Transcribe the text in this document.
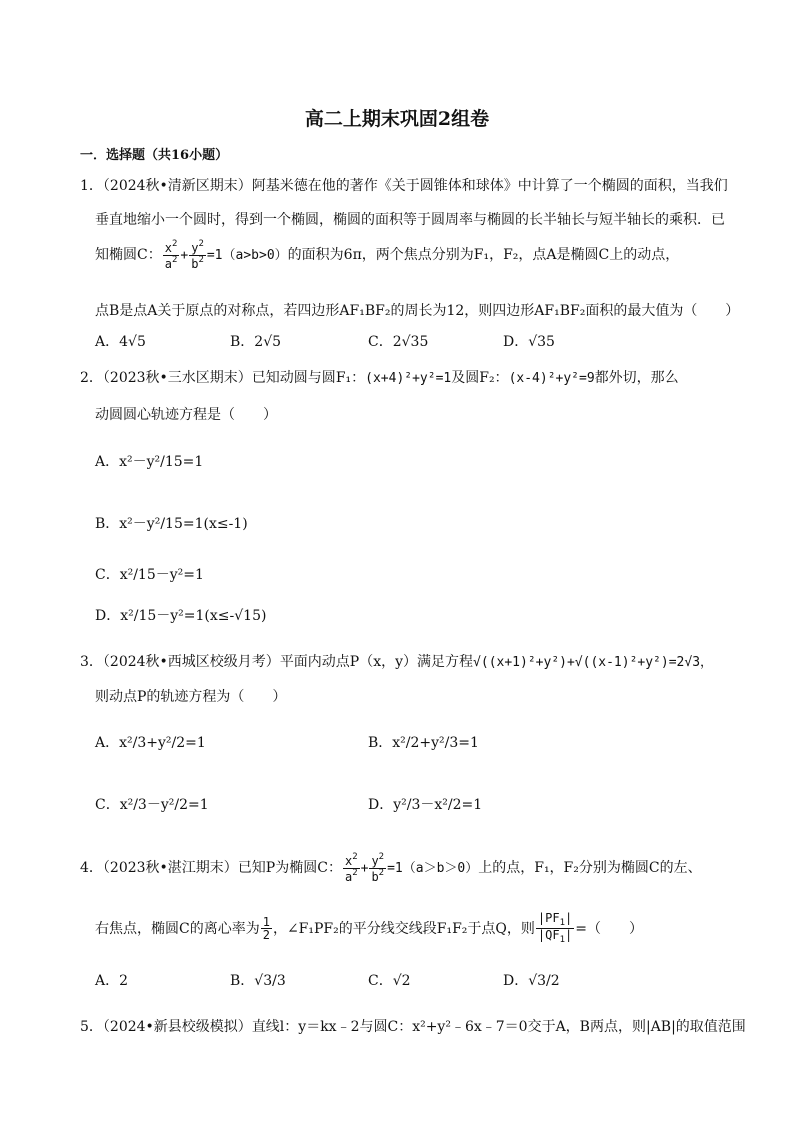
高二上期末巩固2组卷
一．选择题（共16小题）
1．（2024秋•清新区期末）阿基米德在他的著作《关于圆锥体和球体》中计算了一个椭圆的面积，当我们
垂直地缩小一个圆时，得到一个椭圆，椭圆的面积等于圆周率与椭圆的长半轴长与短半轴长的乘积．已
知椭圆C： $\frac{x^2}{a^2} + \frac{y^2}{b^2} =1(a>b>0)$的面积为6π，两个焦点分别为F₁，F₂，点A是椭圆C上的动点，
点B是点A关于原点的对称点，若四边形AF₁BF₂的周长为12，则四边形AF₁BF₂面积的最大值为（　　）
A．4√5	B．2√5	C．2√35	D．√35
2．（2023秋•三水区期末）已知动圆与圆F₁：(x+4)²+y²=1及圆F₂：(x-4)²+y²=9都外切，那么
动圆圆心轨迹方程是（　　）
A．x²－y²/15=1
B．x²－y²/15=1(x≤-1)
C．x²/15－y²=1
D．x²/15－y²=1(x≤-√15)
3．（2024秋•西城区校级月考）平面内动点P（x，y）满足方程√((x+1)²+y²)+√((x-1)²+y²)=2√3，
则动点P的轨迹方程为（　　）
A．x²/3+y²/2=1	B．x²/2+y²/3=1
C．x²/3－y²/2=1	D．y²/3－x²/2=1
4．（2023秋•湛江期末）已知P为椭圆C： $\frac{x^2}{a^2} + \frac{y^2}{b^2} =1(a>b>0)$上的点，F₁，F₂分别为椭圆C的左、
右焦点，椭圆C的离心率为 $\frac{1}{2}$ ，∠F₁PF₂的平分线交线段F₁F₂于点Q，则 $\frac{|PF_1|}{|QF_1|}$ =（　　）
A．2	B．√3/3	C．√2	D．√3/2
5．（2024•新县校级模拟）直线l：y＝kx﹣2与圆C：x²+y²﹣6x﹣7＝0交于A，B两点，则|AB|的取值范围
